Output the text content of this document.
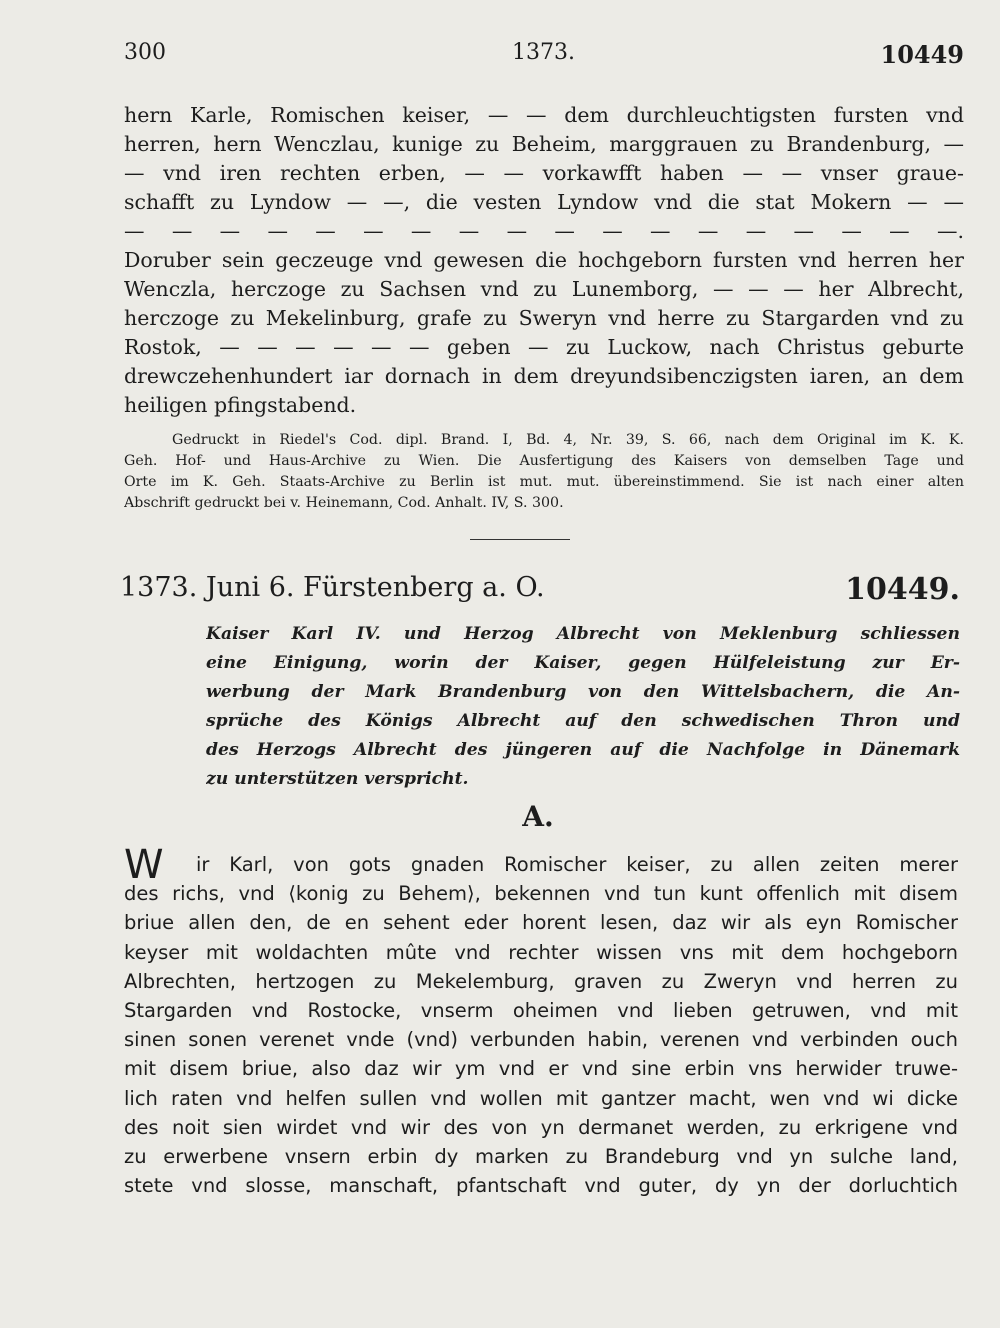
300	1373.	10449
hern Karle, Romischen keiser, — — dem durchleuchtigsten fursten vnd
herren, hern Wenczlau, kunige zu Beheim, marggrauen zu Brandenburg, —
— vnd iren rechten erben, — — vorkawfft haben — — vnser graue-
schafft zu Lyndow — —, die vesten Lyndow vnd die stat Mokern — —
— — — — — — — — — — — — — — — — — —.
Doruber sein geczeuge vnd gewesen die hochgeborn fursten vnd herren her
Wenczla, herczoge zu Sachsen vnd zu Lunemborg, — — — her Albrecht,
herczoge zu Mekelinburg, grafe zu Sweryn vnd herre zu Stargarden vnd zu
Rostok, — — — — — — geben — zu Luckow, nach Christus geburte
drewczehenhundert iar dornach in dem dreyundsibenczigsten iaren, an dem
heiligen pfingstabend.
Gedruckt in Riedel's Cod. dipl. Brand. I, Bd. 4, Nr. 39, S. 66, nach dem Original im K. K.
Geh. Hof- und Haus-Archive zu Wien. Die Ausfertigung des Kaisers von demselben Tage und
Orte im K. Geh. Staats-Archive zu Berlin ist mut. mut. übereinstimmend. Sie ist nach einer alten
Abschrift gedruckt bei v. Heinemann, Cod. Anhalt. IV, S. 300.
1373. Juni 6. Fürstenberg a. O.	10449.
Kaiser Karl IV. und Herzog Albrecht von Meklenburg schliessen
eine Einigung, worin der Kaiser, gegen Hülfeleistung zur Er-
werbung der Mark Brandenburg von den Wittelsbachern, die An-
sprüche des Königs Albrecht auf den schwedischen Thron und
des Herzogs Albrecht des jüngeren auf die Nachfolge in Dänemark
zu unterstützen verspricht.
A.
W	ir Karl, von gots gnaden Romischer keiser, zu allen zeiten merer
des richs, vnd ⟨konig zu Behem⟩, bekennen vnd tun kunt offenlich mit disem
briue allen den, de en sehent eder horent lesen, daz wir als eyn Romischer
keyser mit woldachten mûte vnd rechter wissen vns mit dem hochgeborn
Albrechten, hertzogen zu Mekelemburg, graven zu Zweryn vnd herren zu
Stargarden vnd Rostocke, vnserm oheimen vnd lieben getruwen, vnd mit
sinen sonen verenet vnde (vnd) verbunden habin, verenen vnd verbinden ouch
mit disem briue, also daz wir ym vnd er vnd sine erbin vns herwider truwe-
lich raten vnd helfen sullen vnd wollen mit gantzer macht, wen vnd wi dicke
des noit sien wirdet vnd wir des von yn dermanet werden, zu erkrigene vnd
zu erwerbene vnsern erbin dy marken zu Brandeburg vnd yn sulche land,
stete vnd slosse, manschaft, pfantschaft vnd guter, dy yn der dorluchtich
